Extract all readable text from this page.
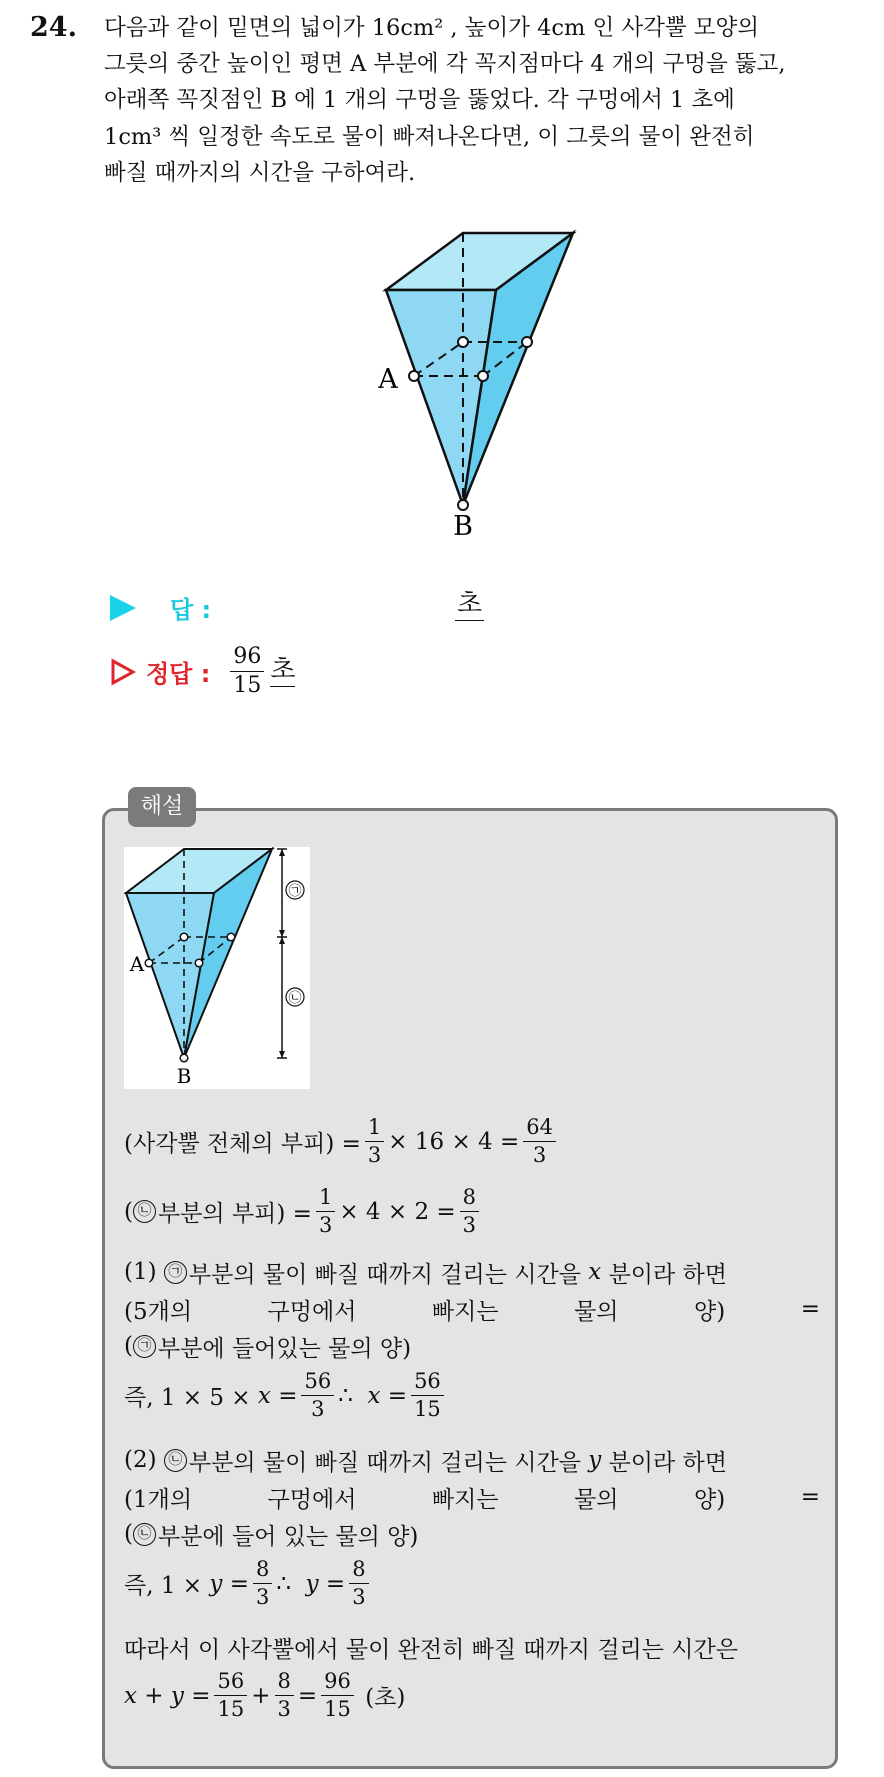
24. 다음과 같이 밑면의 넓이가 16cm² , 높이가 4cm 인 사각뿔 모양의
그릇의 중간 높이인 평면 A 부분에 각 꼭지점마다 4 개의 구멍을 뚫고,
아래쪽 꼭짓점인 B 에 1 개의 구멍을 뚫었다. 각 구멍에서 1 초에
1cm³ 씩 일정한 속도로 물이 빠져나온다면, 이 그릇의 물이 완전히
빠질 때까지의 시간을 구하여라.
A
B
답 :	초
정답 : $\frac{96}{15}$ 초
해설
㉠
㉡
A
B
(사각뿔 전체의 부피) = $\frac{1}{3} \times 16 \times 4 = \frac{64}{3}$
( ㉡ 부분의 부피) = $\frac{1}{3} \times 4 \times 2 = \frac{8}{3}$
(1)
㉠ 부분의 물이 빠질 때까지 걸리는 시간을
x
분이라 하면
(5개의	구멍에서	빠지는	물의	양)	=
( ㉠ 부분에 들어있는 물의 양)
즉, 1 × 5 ×
x
= $\frac{56}{3}$ ∴
x
= $\frac{56}{15}$
(2)
㉡ 부분의 물이 빠질 때까지 걸리는 시간을
y
분이라 하면
(1개의	구멍에서	빠지는	물의	양)	=
( ㉡ 부분에 들어 있는 물의 양)
즉, 1 ×
y
= $\frac{8}{3}$ ∴
y
= $\frac{8}{3}$
따라서 이 사각뿔에서 물이 완전히 빠질 때까지 걸리는 시간은
x
+
y
= $\frac{56}{15} + \frac{8}{3} = \frac{96}{15}$
(초)
